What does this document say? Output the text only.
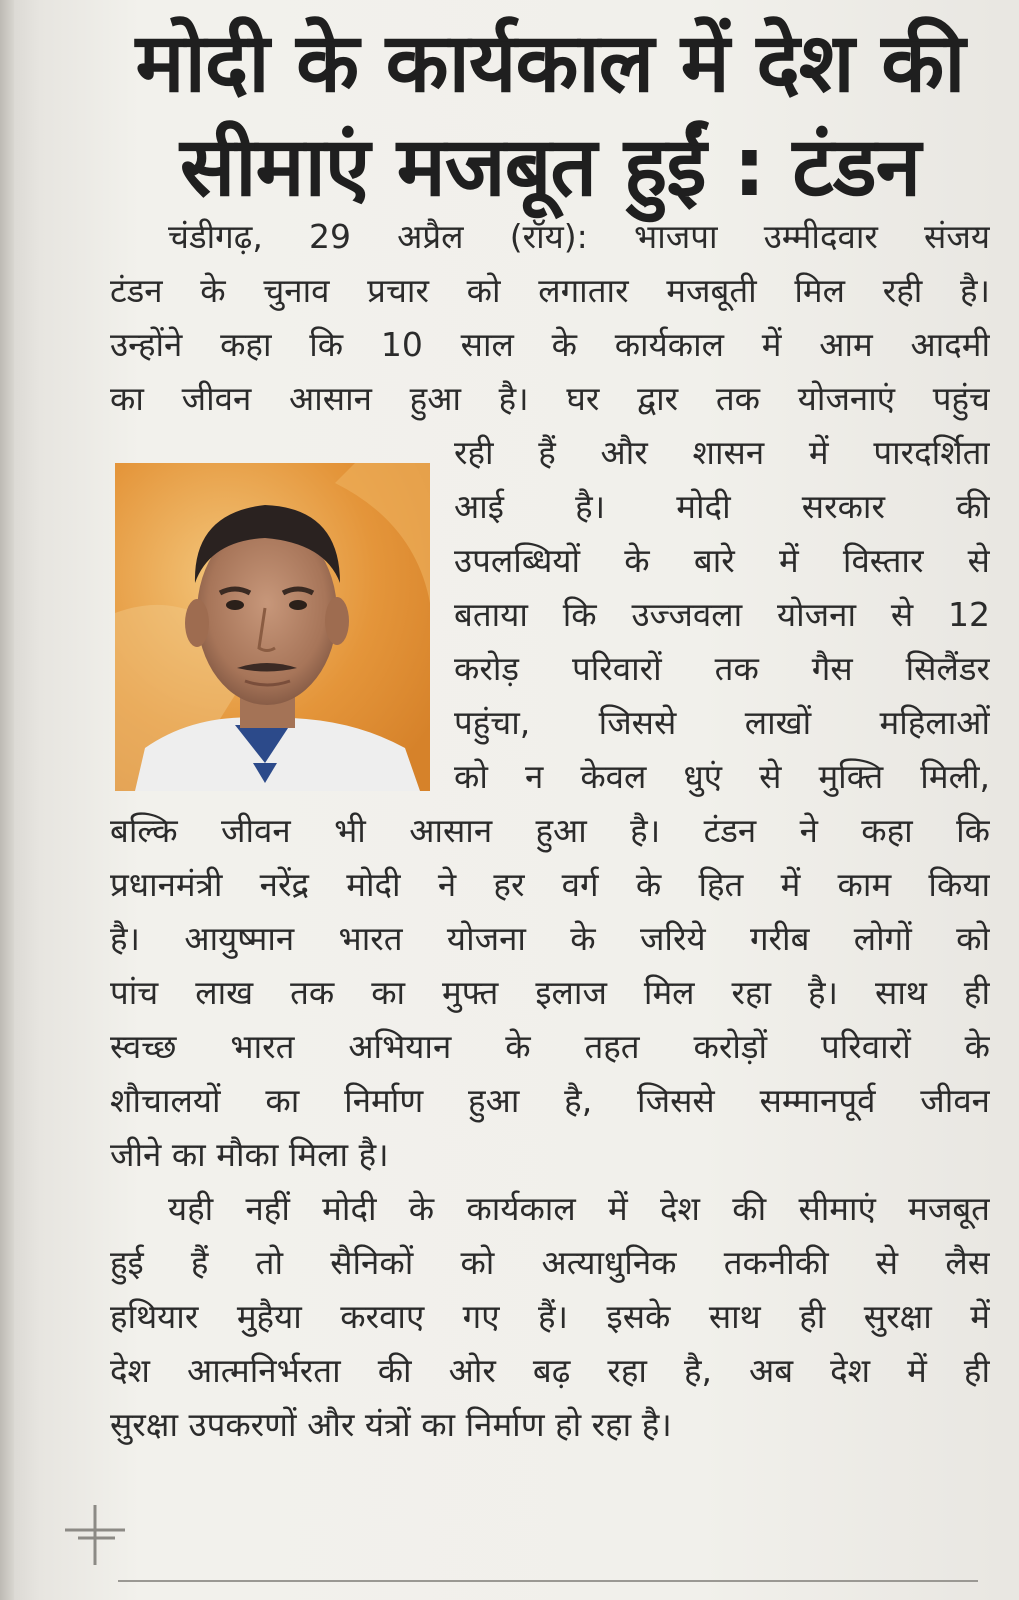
मोदी के कार्यकाल में देश की
सीमाएं मजबूत हुईं : टंडन
चंडीगढ़, 29 अप्रैल (रॉय): भाजपा उम्मीदवार संजय
टंडन के चुनाव प्रचार को लगातार मजबूती मिल रही है।
उन्होंने कहा कि 10 साल के कार्यकाल में आम आदमी
का जीवन आसान हुआ है। घर द्वार तक योजनाएं पहुंच
रही हैं और शासन में पारदर्शिता
आई है। मोदी सरकार की
उपलब्धियों के बारे में विस्तार से
बताया कि उज्जवला योजना से 12
करोड़ परिवारों तक गैस सिलैंडर
पहुंचा, जिससे लाखों महिलाओं
को न केवल धुएं से मुक्ति मिली,
बल्कि जीवन भी आसान हुआ है। टंडन ने कहा कि
प्रधानमंत्री नरेंद्र मोदी ने हर वर्ग के हित में काम किया
है। आयुष्मान भारत योजना के जरिये गरीब लोगों को
पांच लाख तक का मुफ्त इलाज मिल रहा है। साथ ही
स्वच्छ भारत अभियान के तहत करोड़ों परिवारों के
शौचालयों का निर्माण हुआ है, जिससे सम्मानपूर्व जीवन
जीने का मौका मिला है।
यही नहीं मोदी के कार्यकाल में देश की सीमाएं मजबूत
हुई हैं तो सैनिकों को अत्याधुनिक तकनीकी से लैस
हथियार मुहैया करवाए गए हैं। इसके साथ ही सुरक्षा में
देश आत्मनिर्भरता की ओर बढ़ रहा है, अब देश में ही
सुरक्षा उपकरणों और यंत्रों का निर्माण हो रहा है।
